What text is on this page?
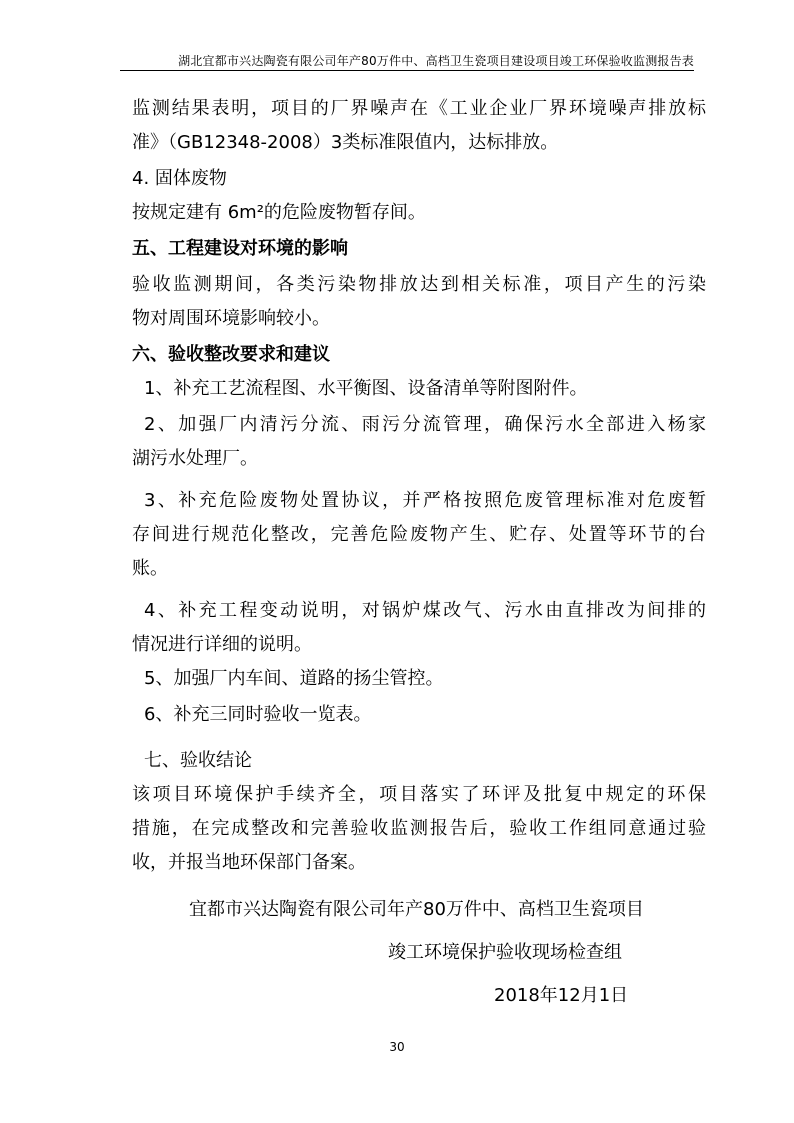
湖北宜都市兴达陶瓷有限公司年产80万件中、高档卫生瓷项目建设项目竣工环保验收监测报告表
监测结果表明，项目的厂界噪声在《工业企业厂界环境噪声排放标
准》（GB12348-2008）3类标准限值内，达标排放。
4. 固体废物
按规定建有 6m²的危险废物暂存间。
五、工程建设对环境的影响
验收监测期间，各类污染物排放达到相关标准，项目产生的污染
物对周围环境影响较小。
六、验收整改要求和建议
1、补充工艺流程图、水平衡图、设备清单等附图附件。
2、加强厂内清污分流、雨污分流管理，确保污水全部进入杨家
湖污水处理厂。
3、补充危险废物处置协议，并严格按照危废管理标准对危废暂
存间进行规范化整改，完善危险废物产生、贮存、处置等环节的台
账。
4、补充工程变动说明，对锅炉煤改气、污水由直排改为间排的
情况进行详细的说明。
5、加强厂内车间、道路的扬尘管控。
6、补充三同时验收一览表。
七、验收结论
该项目环境保护手续齐全，项目落实了环评及批复中规定的环保
措施，在完成整改和完善验收监测报告后，验收工作组同意通过验
收，并报当地环保部门备案。
宜都市兴达陶瓷有限公司年产80万件中、高档卫生瓷项目
竣工环境保护验收现场检查组
2018年12月1日
30
